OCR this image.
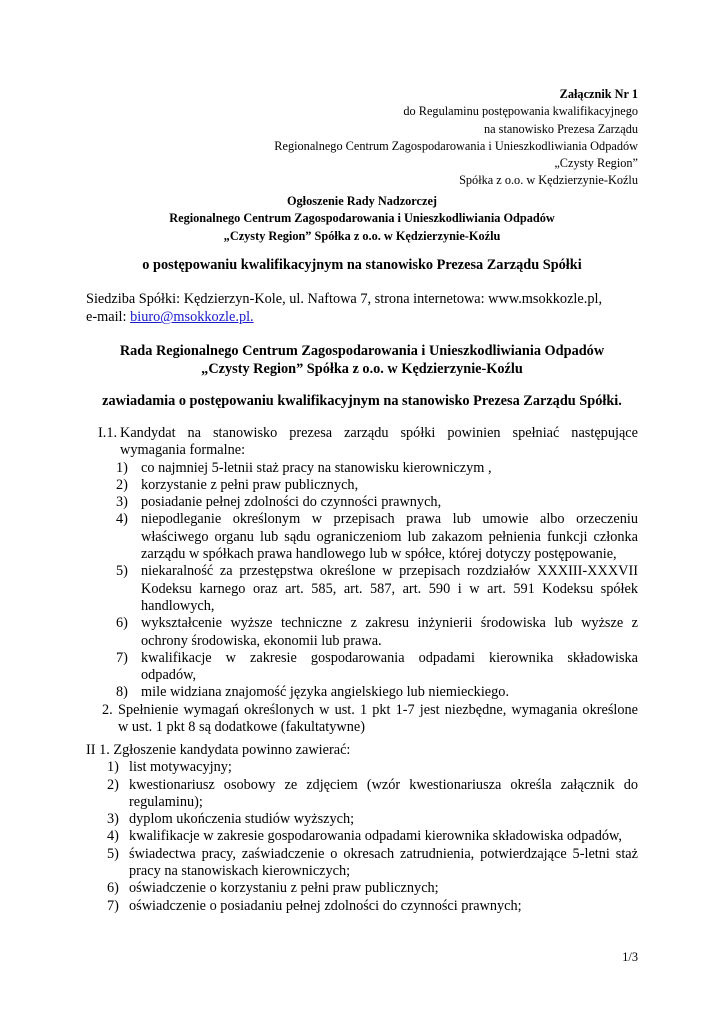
Załącznik Nr 1
do Regulaminu postępowania kwalifikacyjnego
na stanowisko Prezesa Zarządu
Regionalnego Centrum Zagospodarowania i Unieszkodliwiania Odpadów
„Czysty Region”
Spółka z o.o. w Kędzierzynie-Koźlu
Ogłoszenie Rady Nadzorczej
Regionalnego Centrum Zagospodarowania i Unieszkodliwiania Odpadów
„Czysty Region” Spółka z o.o. w Kędzierzynie-Koźlu
o postępowaniu kwalifikacyjnym na stanowisko Prezesa Zarządu Spółki
Siedziba Spółki: Kędzierzyn-Kole, ul. Naftowa 7, strona internetowa: www.msokkozle.pl,
e-mail: biuro@msokkozle.pl.
Rada Regionalnego Centrum Zagospodarowania i Unieszkodliwiania Odpadów
„Czysty Region” Spółka z o.o. w Kędzierzynie-Koźlu
zawiadamia o postępowaniu kwalifikacyjnym na stanowisko Prezesa Zarządu Spółki.
I.1. Kandydat na stanowisko prezesa zarządu spółki powinien spełniać następujące
wymagania formalne:
1) co najmniej 5-letnii staż pracy na stanowisku kierowniczym ,
2) korzystanie z pełni praw publicznych,
3) posiadanie pełnej zdolności do czynności prawnych,
4) niepodleganie określonym w przepisach prawa lub umowie albo orzeczeniu
właściwego organu lub sądu ograniczeniom lub zakazom pełnienia funkcji członka
zarządu w spółkach prawa handlowego lub w spółce, której dotyczy postępowanie,
5) niekaralność za przestępstwa określone w przepisach rozdziałów XXXIII-XXXVII
Kodeksu karnego oraz art. 585, art. 587, art. 590 i w art. 591 Kodeksu spółek
handlowych,
6) wykształcenie wyższe techniczne z zakresu inżynierii środowiska lub wyższe z
ochrony środowiska, ekonomii lub prawa.
7) kwalifikacje w zakresie gospodarowania odpadami kierownika składowiska
odpadów,
8) mile widziana znajomość języka angielskiego lub niemieckiego.
2. Spełnienie wymagań określonych w ust. 1 pkt 1-7 jest niezbędne, wymagania określone
w ust. 1 pkt 8 są dodatkowe (fakultatywne)
II 1. Zgłoszenie kandydata powinno zawierać:
1) list motywacyjny;
2) kwestionariusz osobowy ze zdjęciem (wzór kwestionariusza określa załącznik do
regulaminu);
3) dyplom ukończenia studiów wyższych;
4) kwalifikacje w zakresie gospodarowania odpadami kierownika składowiska odpadów,
5) świadectwa pracy, zaświadczenie o okresach zatrudnienia, potwierdzające 5-letni staż
pracy na stanowiskach kierowniczych;
6) oświadczenie o korzystaniu z pełni praw publicznych;
7) oświadczenie o posiadaniu pełnej zdolności do czynności prawnych;
1/3
